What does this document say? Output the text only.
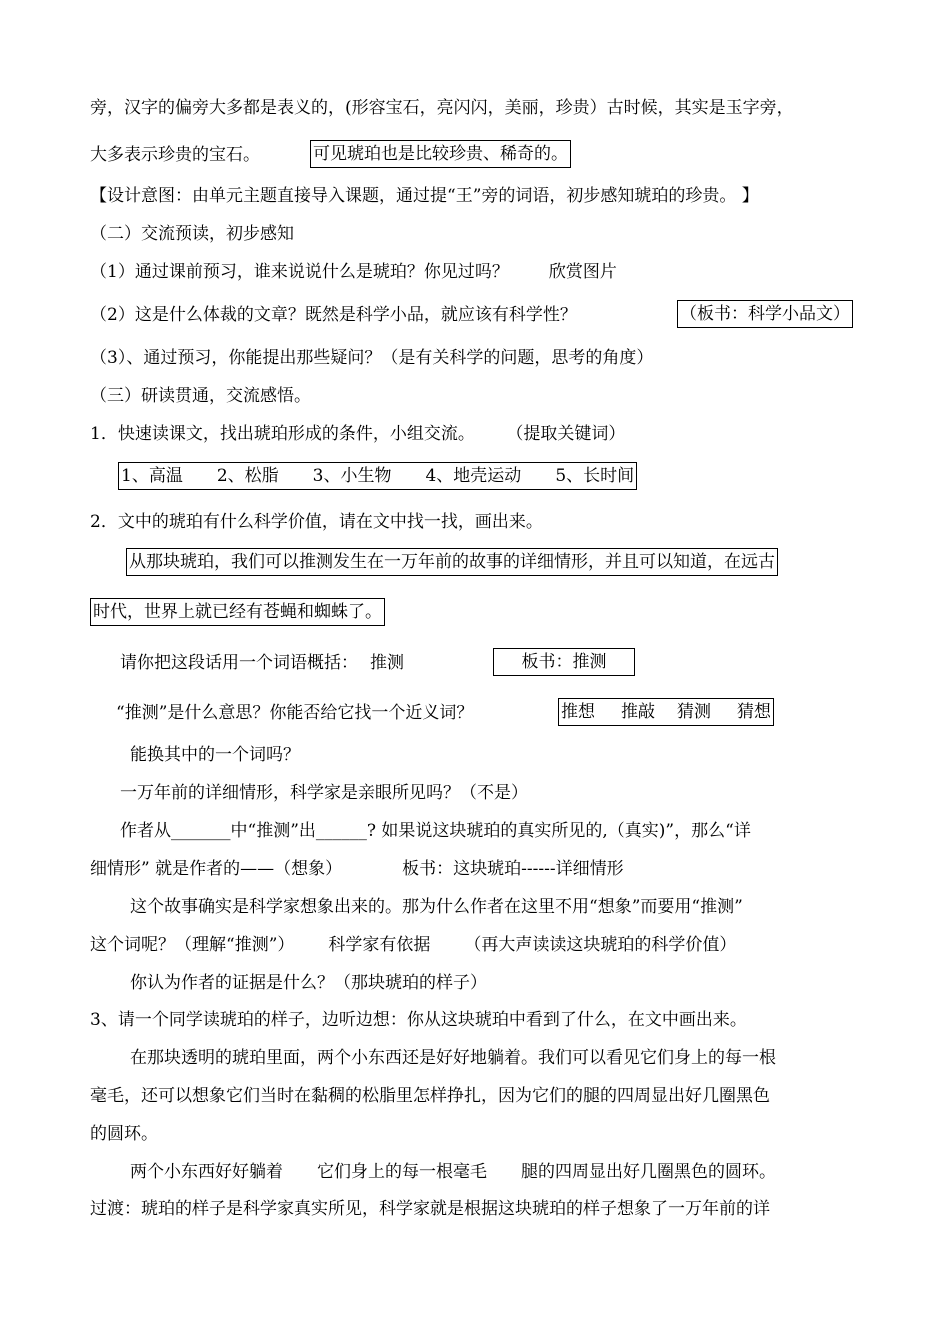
旁，汉字的偏旁大多都是表义的，(形容宝石，亮闪闪，美丽，珍贵）古时候，其实是玉字旁，
大多表示珍贵的宝石。	可见琥珀也是比较珍贵、稀奇的。
【设计意图：由单元主题直接导入课题，通过提“王”旁的词语，初步感知琥珀的珍贵。 】
（二）交流预读，初步感知
（1）通过课前预习，谁来说说什么是琥珀？你见过吗？ 欣赏图片
（2）这是什么体裁的文章？既然是科学小品，就应该有科学性？	（板书：科学小品文）
（3）、通过预习，你能提出那些疑问？（是有关科学的问题，思考的角度）
（三）研读贯通，交流感悟。
1．快速读课文，找出琥珀形成的条件，小组交流。 （提取关键词）
1、高温 2、松脂 3、小生物 4、地壳运动 5、长时间
2．文中的琥珀有什么科学价值，请在文中找一找，画出来。
从那块琥珀，我们可以推测发生在一万年前的故事的详细情形，并且可以知道，在远古
时代，世界上就已经有苍蝇和蜘蛛了。
请你把这段话用一个词语概括： 推测	板书：推测
“推测”是什么意思？你能否给它找一个近义词？	推想 推敲 猜测 猜想
能换其中的一个词吗？
一万年前的详细情形，科学家是亲眼所见吗？（不是）
作者从_______中“推测”出______? 如果说这块琥珀的真实所见的,（真实)”，那么“详
细情形” 就是作者的——（想象）	板书：这块琥珀------详细情形
这个故事确实是科学家想象出来的。那为什么作者在这里不用“想象”而要用“推测”
这个词呢？（理解“推测”） 科学家有依据 （再大声读读这块琥珀的科学价值）
你认为作者的证据是什么？（那块琥珀的样子）
3、请一个同学读琥珀的样子，边听边想：你从这块琥珀中看到了什么，在文中画出来。
在那块透明的琥珀里面，两个小东西还是好好地躺着。我们可以看见它们身上的每一根
毫毛，还可以想象它们当时在黏稠的松脂里怎样挣扎，因为它们的腿的四周显出好几圈黑色
的圆环。
两个小东西好好躺着 它们身上的每一根毫毛 腿的四周显出好几圈黑色的圆环。
过渡：琥珀的样子是科学家真实所见，科学家就是根据这块琥珀的样子想象了一万年前的详
